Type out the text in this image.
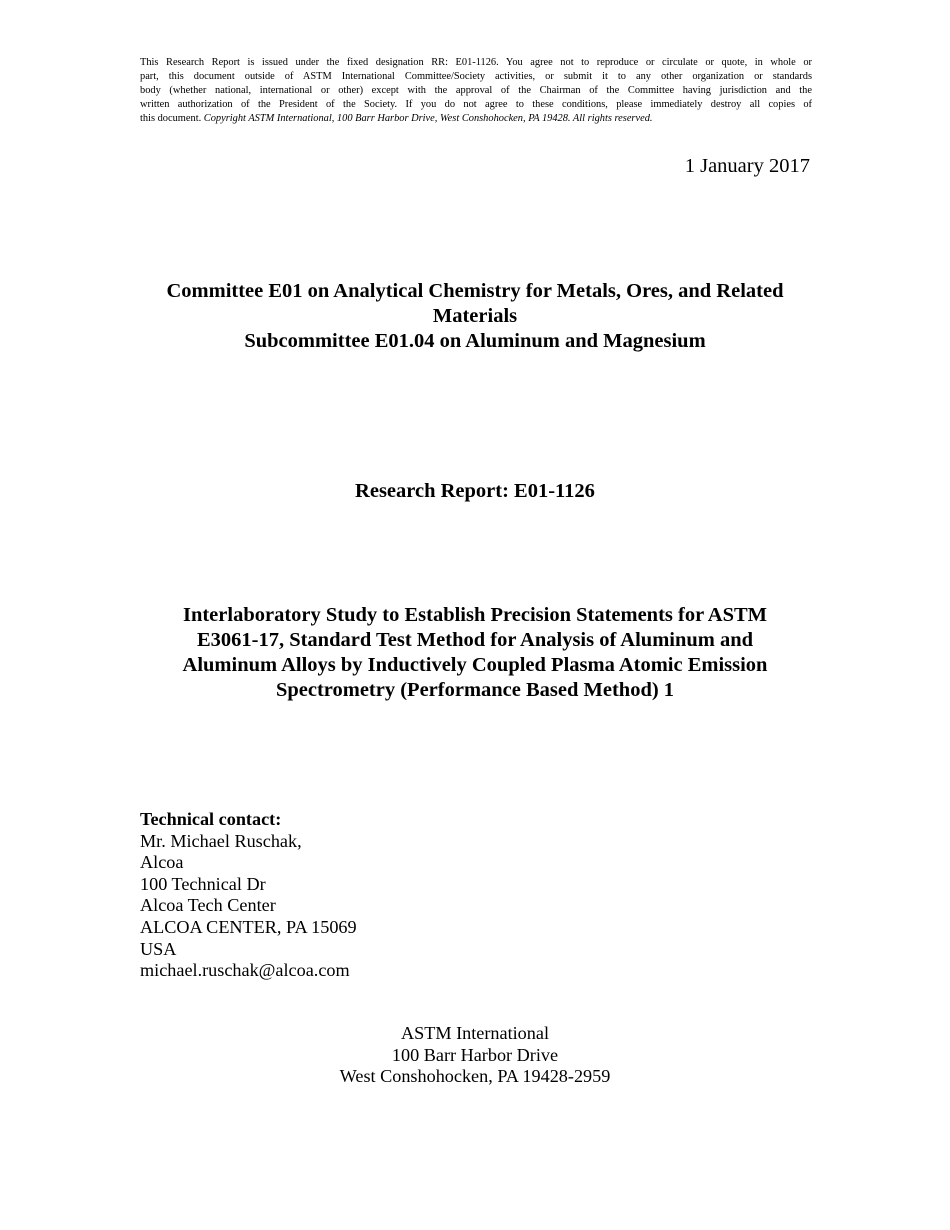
This Research Report is issued under the fixed designation RR: E01-1126. You agree not to reproduce or circulate or quote, in whole or
part, this document outside of ASTM International Committee/Society activities, or submit it to any other organization or standards
body (whether national, international or other) except with the approval of the Chairman of the Committee having jurisdiction and the
written authorization of the President of the Society. If you do not agree to these conditions, please immediately destroy all copies of
this document. Copyright ASTM International, 100 Barr Harbor Drive, West Conshohocken, PA 19428. All rights reserved.
1 January 2017
Committee E01 on Analytical Chemistry for Metals, Ores, and Related
Materials
Subcommittee E01.04 on Aluminum and Magnesium
Research Report: E01-1126
Interlaboratory Study to Establish Precision Statements for ASTM
E3061-17, Standard Test Method for Analysis of Aluminum and
Aluminum Alloys by Inductively Coupled Plasma Atomic Emission
Spectrometry (Performance Based Method) 1
Technical contact:
Mr. Michael Ruschak,
Alcoa
100 Technical Dr
Alcoa Tech Center
ALCOA CENTER, PA 15069
USA
michael.ruschak@alcoa.com
ASTM International
100 Barr Harbor Drive
West Conshohocken, PA 19428-2959
